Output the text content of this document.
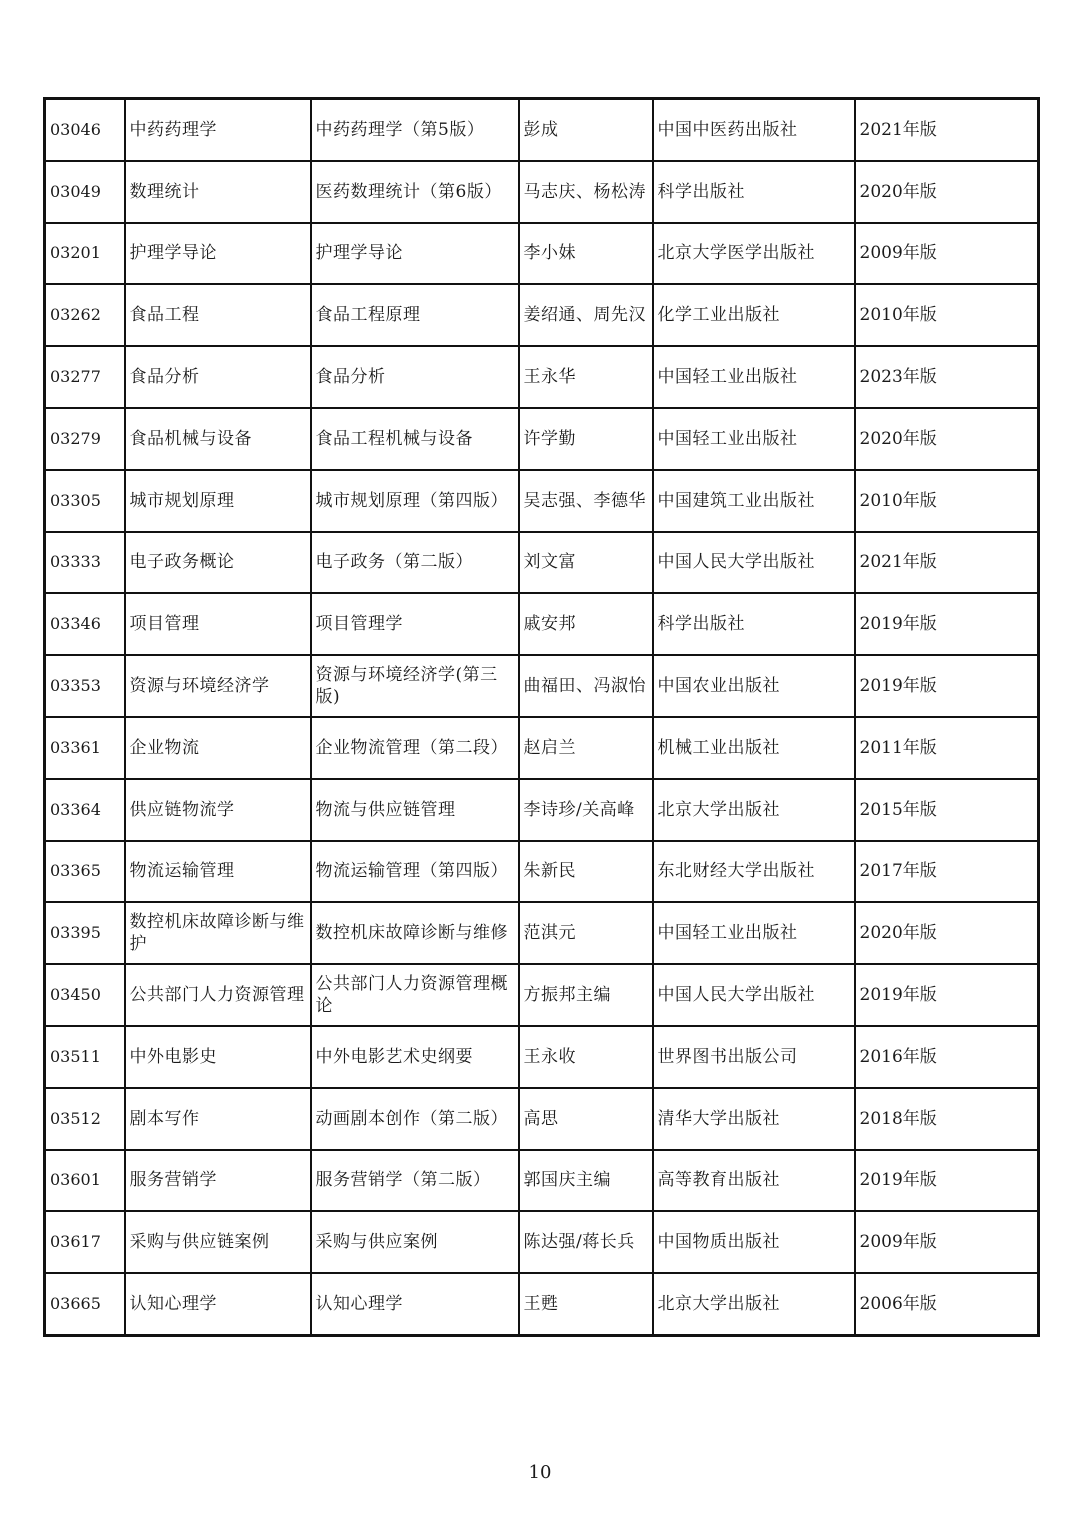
03046	中药药理学	中药药理学（第5版）	彭成	中国中医药出版社	2021年版
03049	数理统计	医药数理统计（第6版）	马志庆、杨松涛	科学出版社	2020年版
03201	护理学导论	护理学导论	李小妹	北京大学医学出版社	2009年版
03262	食品工程	食品工程原理	姜绍通、周先汉	化学工业出版社	2010年版
03277	食品分析	食品分析	王永华	中国轻工业出版社	2023年版
03279	食品机械与设备	食品工程机械与设备	许学勤	中国轻工业出版社	2020年版
03305	城市规划原理	城市规划原理（第四版）	吴志强、李德华	中国建筑工业出版社	2010年版
03333	电子政务概论	电子政务（第二版）	刘文富	中国人民大学出版社	2021年版
03346	项目管理	项目管理学	戚安邦	科学出版社	2019年版
03353	资源与环境经济学	资源与环境经济学(第三版)	曲福田、冯淑怡	中国农业出版社	2019年版
03361	企业物流	企业物流管理（第二段）	赵启兰	机械工业出版社	2011年版
03364	供应链物流学	物流与供应链管理	李诗珍/关高峰	北京大学出版社	2015年版
03365	物流运输管理	物流运输管理（第四版）	朱新民	东北财经大学出版社	2017年版
03395	数控机床故障诊断与维护	数控机床故障诊断与维修	范淇元	中国轻工业出版社	2020年版
03450	公共部门人力资源管理	公共部门人力资源管理概论	方振邦主编	中国人民大学出版社	2019年版
03511	中外电影史	中外电影艺术史纲要	王永收	世界图书出版公司	2016年版
03512	剧本写作	动画剧本创作（第二版）	高思	清华大学出版社	2018年版
03601	服务营销学	服务营销学（第二版）	郭国庆主编	高等教育出版社	2019年版
03617	采购与供应链案例	采购与供应案例	陈达强/蒋长兵	中国物质出版社	2009年版
03665	认知心理学	认知心理学	王甦	北京大学出版社	2006年版
10
